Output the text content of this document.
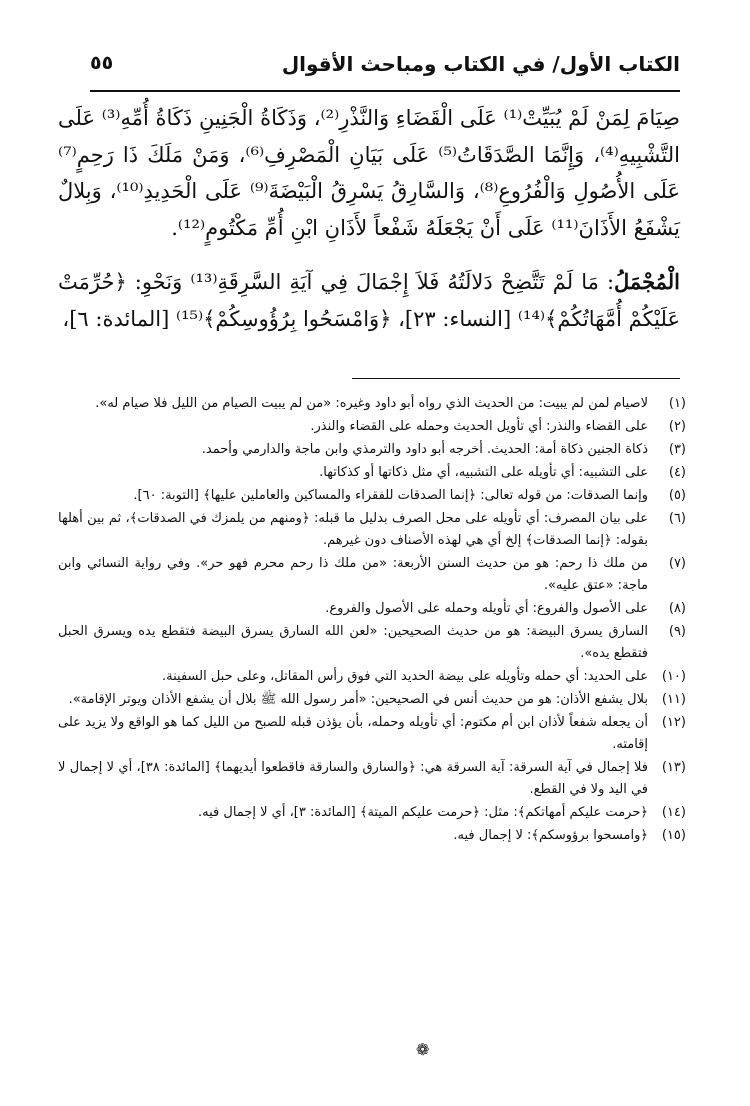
٥٥	الكتاب الأول/ في الكتاب ومباحث الأقوال

صِيَامَ لِمَنْ لَمْ يُبَيِّتْ⁽¹⁾ عَلَى الْقَضَاءِ وَالنَّذْرِ⁽²⁾، وَذَكَاةُ الْجَنِينِ ذَكَاةُ أُمِّهِ⁽³⁾ عَلَى التَّشْبِيهِ⁽⁴⁾، وَإِنَّمَا الصَّدَقَاتُ⁽⁵⁾ عَلَى بَيَانِ الْمَصْرِفِ⁽⁶⁾، وَمَنْ مَلَكَ ذَا رَحِمٍ⁽⁷⁾ عَلَى الأُصُولِ وَالْفُرُوعِ⁽⁸⁾، وَالسَّارِقُ يَسْرِقُ الْبَيْضَةَ⁽⁹⁾ عَلَى الْحَدِيدِ⁽¹⁰⁾، وَبِلالٌ يَشْفَعُ الأَذَانَ⁽¹¹⁾ عَلَى أَنْ يَجْعَلَهُ شَفْعاً لأَذَانِ ابْنِ أُمِّ مَكْتُومٍ⁽¹²⁾.

الْمُجْمَلُ: مَا لَمْ تَتَّضِحْ دَلالَتُهُ فَلاَ إِجْمَالَ فِي آيَةِ السَّرِقَةِ⁽¹³⁾ وَنَحْوِ: ﴿حُرِّمَتْ عَلَيْكُمْ أُمَّهَاتُكُمْ﴾⁽¹⁴⁾ [النساء: ٢٣]، ﴿وَامْسَحُوا بِرُؤُوسِكُمْ﴾⁽¹⁵⁾ [المائدة: ٦]،

(١)
لاصيام لمن لم يبيت: من الحديث الذي رواه أبو داود وغيره: «من لم يبيت الصيام من الليل فلا صيام له».
(٢)
على القضاء والنذر: أي تأويل الحديث وحمله على القضاء والنذر.
(٣)
ذكاة الجنين ذكاة أمة: الحديث. أخرجه أبو داود والترمذي وابن ماجة والدارمي وأحمد.
(٤)
على التشبيه: أي تأويله على التشبيه، أي مثل ذكاتها أو كذكاتها.
(٥)
وإنما الصدقات: من قوله تعالى: ﴿إنما الصدقات للفقراء والمساكين والعاملين عليها﴾ [التوبة: ٦٠].
(٦)
على بيان المصرف: أي تأويله على محل الصرف بدليل ما قبله: ﴿ومنهم من يلمزك في الصدقات﴾، ثم بين أهلها بقوله: ﴿إنما الصدقات﴾ إلخ أي هي لهذه الأصناف دون غيرهم.
(٧)
من ملك ذا رحم: هو من حديث السنن الأربعة: «من ملك ذا رحم محرم فهو حر». وفي رواية النسائي وابن ماجة: «عتق عليه».
(٨)
على الأصول والفروع: أي تأويله وحمله على الأصول والفروع.
(٩)
السارق يسرق البيضة: هو من حديث الصحيحين: «لعن الله السارق يسرق البيضة فتقطع يده ويسرق الحبل فتقطع يده».
(١٠)
على الحديد: أي حمله وتأويله على بيضة الحديد التي فوق رأس المقاتل، وعلى حبل السفينة.
(١١)
بلال يشفع الأذان: هو من حديث أنس في الصحيحين: «أمر رسول الله ﷺ بلال أن يشفع الأذان ويوتر الإقامة».
(١٢)
أن يجعله شفعاً لأذان ابن أم مكتوم: أي تأويله وحمله، بأن يؤذن قبله للصبح من الليل كما هو الواقع ولا يزيد على إقامته.
(١٣)
فلا إجمال في آية السرقة: آية السرقة هي: ﴿والسارق والسارقة فاقطعوا أيديهما﴾ [المائدة: ٣٨]، أي لا إجمال لا في اليد ولا في القطع.
(١٤)
﴿حرمت عليكم أمهاتكم﴾: مثل: ﴿حرمت عليكم الميتة﴾ [المائدة: ٣]، أي لا إجمال فيه.
(١٥)
﴿وامسحوا برؤوسكم﴾: لا إجمال فيه.
❁
